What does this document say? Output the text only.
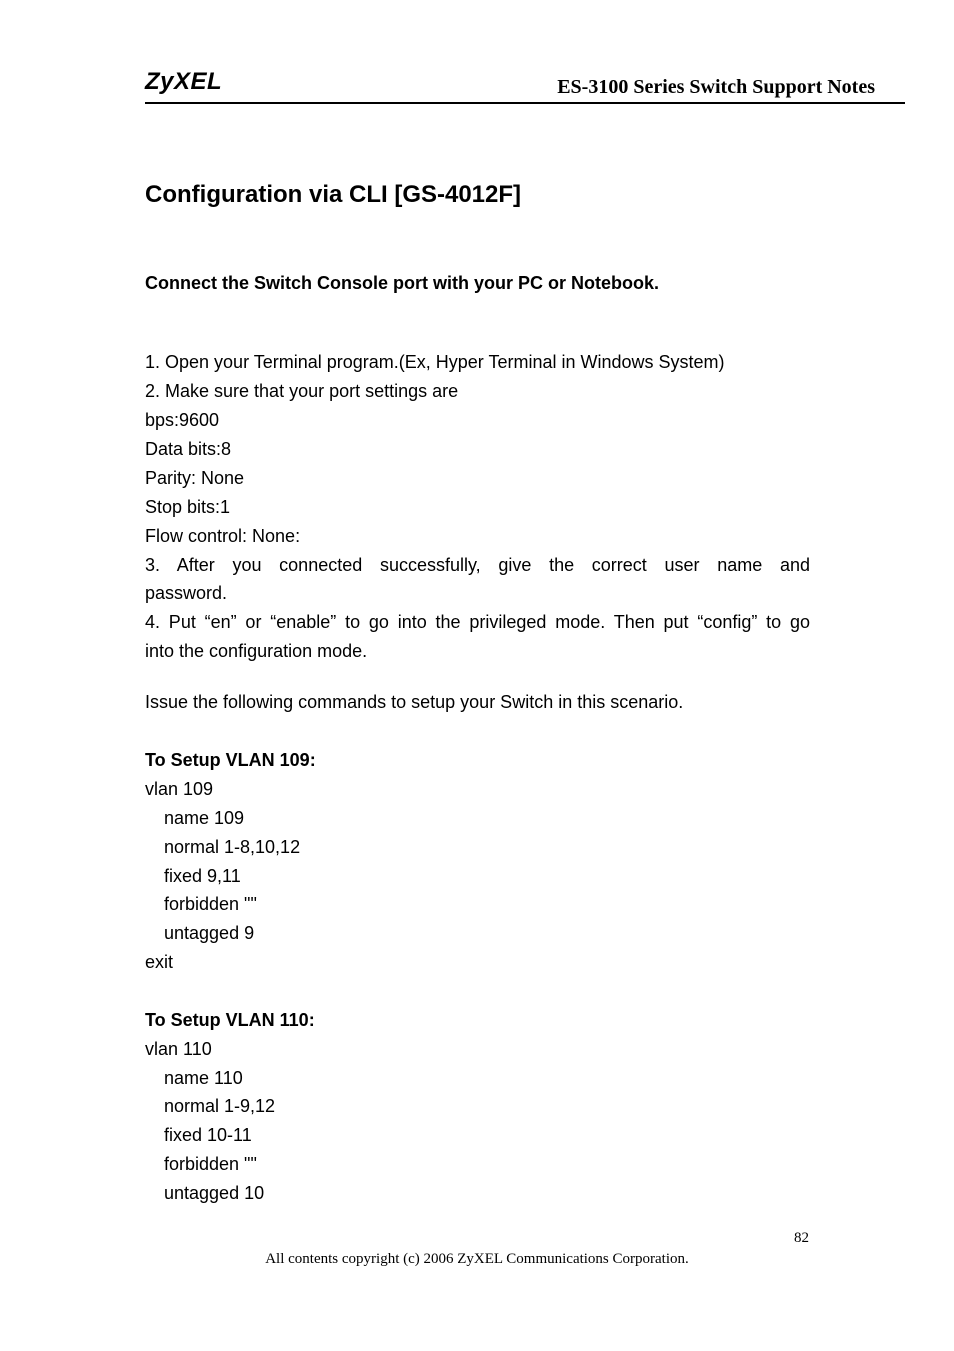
ZyXEL	ES-3100 Series Switch Support Notes
Configuration via CLI [GS-4012F]
Connect the Switch Console port with your PC or Notebook.
1. Open your Terminal program.(Ex, Hyper Terminal in Windows System)
2. Make sure that your port settings are
bps:9600
Data bits:8
Parity: None
Stop bits:1
Flow control: None:
3. After you connected successfully, give the correct user name and
password.
4. Put “en” or “enable” to go into the privileged mode. Then put “config” to go
into the configuration mode.
Issue the following commands to setup your Switch in this scenario.
To Setup VLAN 109:
vlan 109
name 109
normal 1-8,10,12
fixed 9,11
forbidden ""
untagged 9
exit
To Setup VLAN 110:
vlan 110
name 110
normal 1-9,12
fixed 10-11
forbidden ""
untagged 10
82
All contents copyright (c) 2006 ZyXEL Communications Corporation.
